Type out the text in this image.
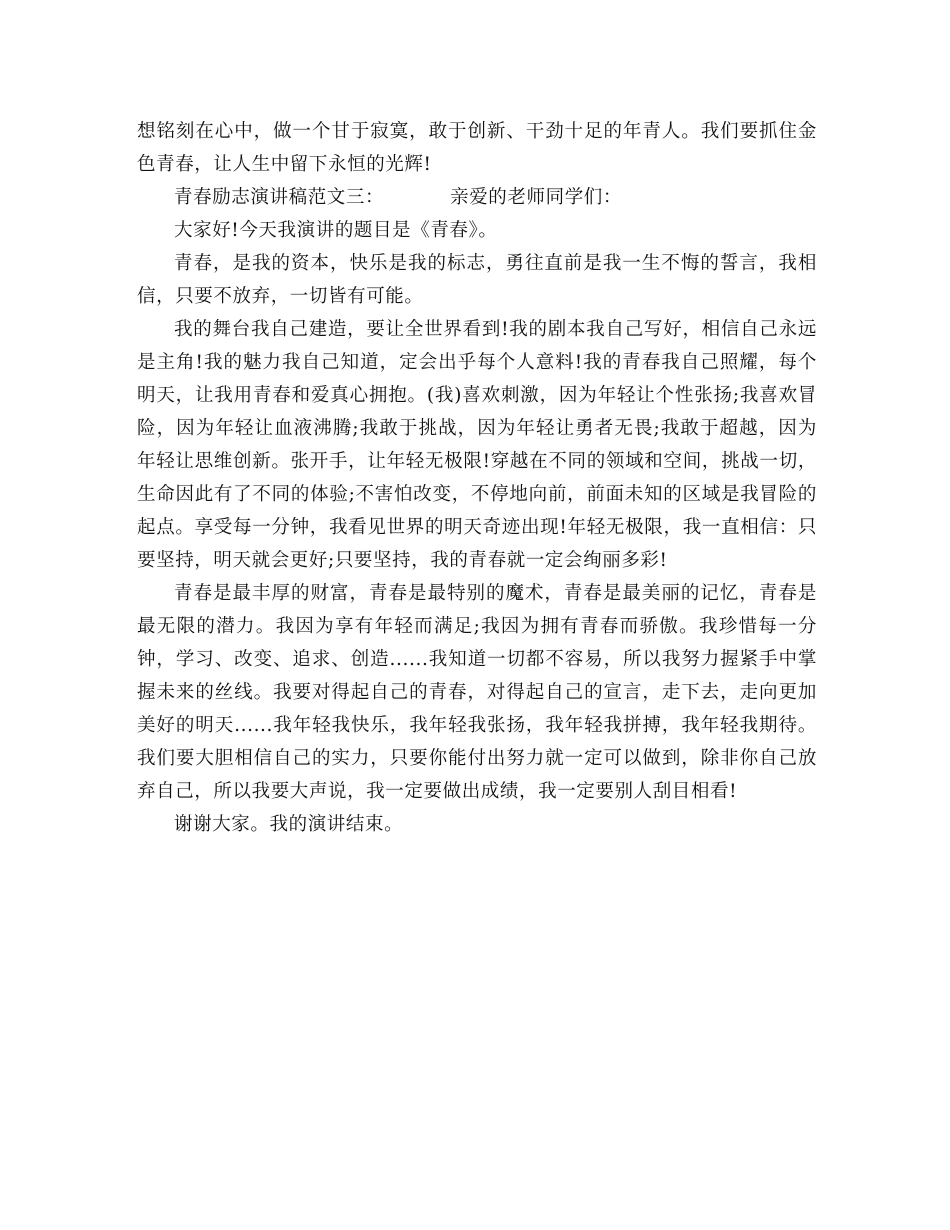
想铭刻在心中，做一个甘于寂寞，敢于创新、干劲十足的年青人。我们要抓住金色青春，让人生中留下永恒的光辉!

青春励志演讲稿范文三：	亲爱的老师同学们：

大家好!今天我演讲的题目是《青春》。

青春，是我的资本，快乐是我的标志，勇往直前是我一生不悔的誓言，我相信，只要不放弃，一切皆有可能。

我的舞台我自己建造，要让全世界看到!我的剧本我自己写好，相信自己永远是主角!我的魅力我自己知道，定会出乎每个人意料!我的青春我自己照耀，每个明天，让我用青春和爱真心拥抱。(我)喜欢刺激，因为年轻让个性张扬;我喜欢冒险，因为年轻让血液沸腾;我敢于挑战，因为年轻让勇者无畏;我敢于超越，因为年轻让思维创新。张开手，让年轻无极限!穿越在不同的领域和空间，挑战一切，生命因此有了不同的体验;不害怕改变，不停地向前，前面未知的区域是我冒险的起点。享受每一分钟，我看见世界的明天奇迹出现!年轻无极限，我一直相信：只要坚持，明天就会更好;只要坚持，我的青春就一定会绚丽多彩!

青春是最丰厚的财富，青春是最特别的魔术，青春是最美丽的记忆，青春是最无限的潜力。我因为享有年轻而满足;我因为拥有青春而骄傲。我珍惜每一分钟，学习、改变、追求、创造......我知道一切都不容易，所以我努力握紧手中掌握未来的丝线。我要对得起自己的青春，对得起自己的宣言，走下去，走向更加美好的明天......我年轻我快乐，我年轻我张扬，我年轻我拼搏，我年轻我期待。我们要大胆相信自己的实力，只要你能付出努力就一定可以做到，除非你自己放弃自己，所以我要大声说，我一定要做出成绩，我一定要别人刮目相看!

谢谢大家。我的演讲结束。
